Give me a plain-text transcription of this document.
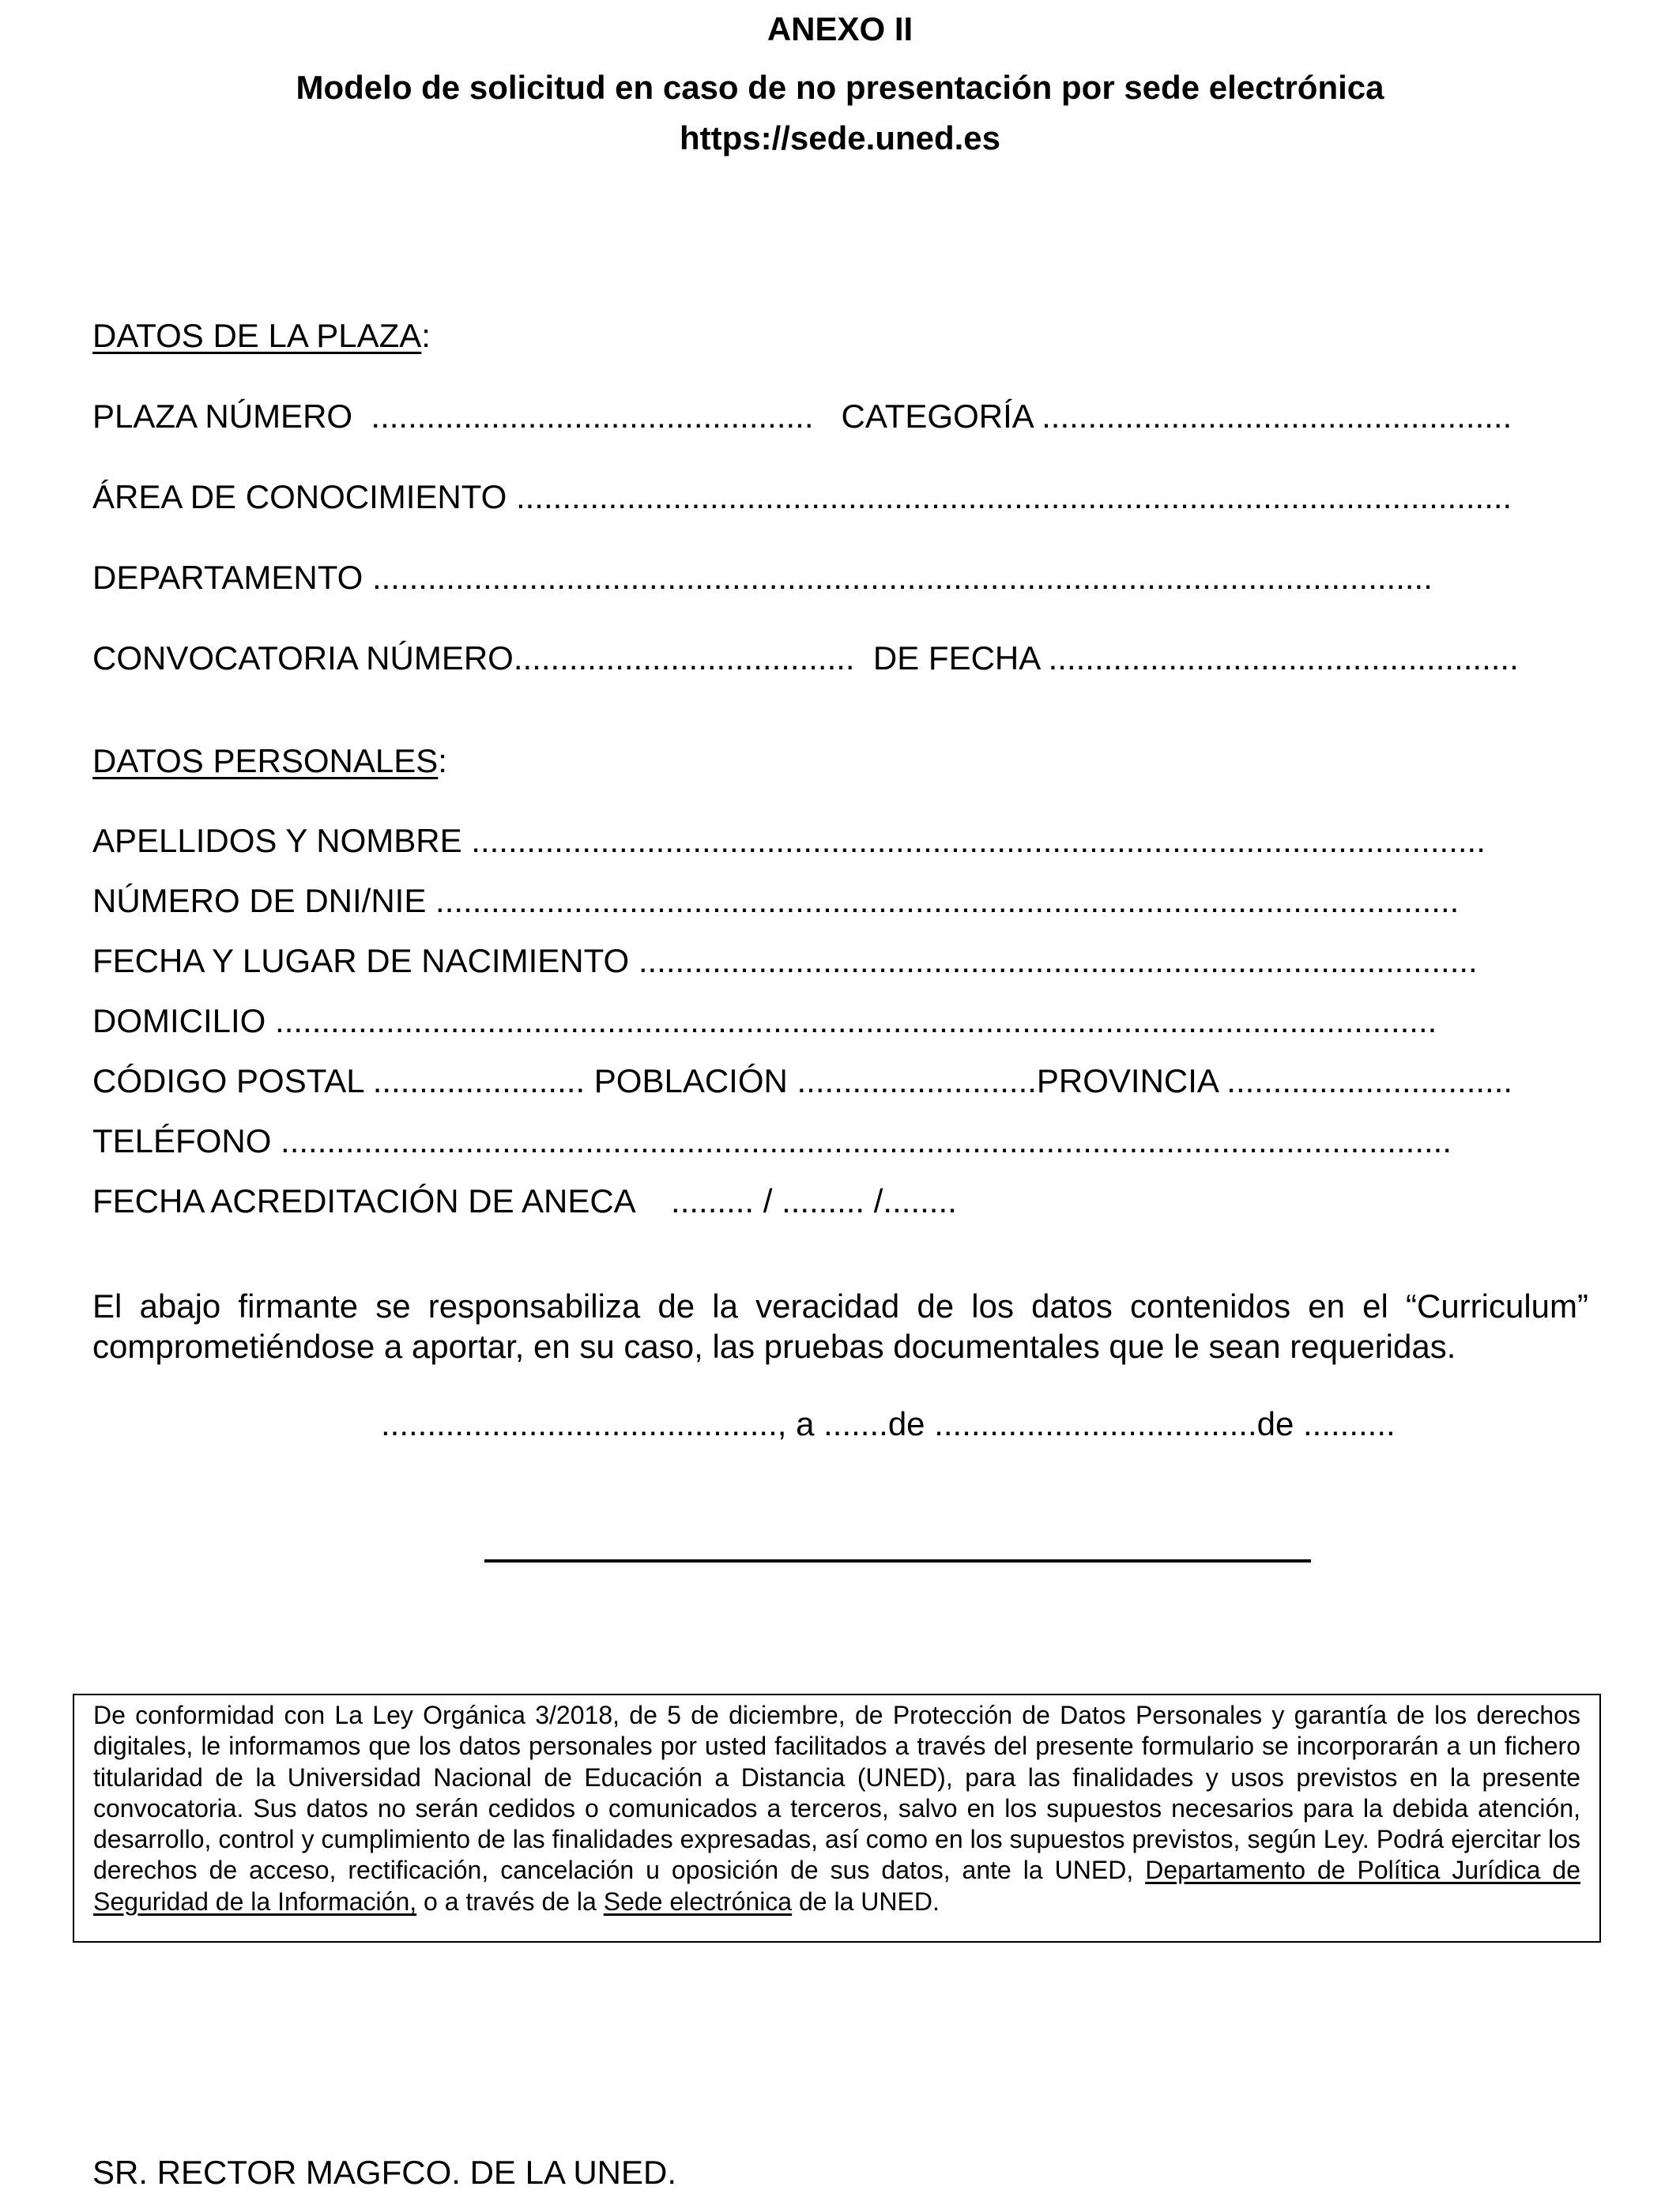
ANEXO II
Modelo de solicitud en caso de no presentación por sede electrónica
https://sede.uned.es
DATOS DE LA PLAZA:
PLAZA NÚMERO  ................................................   CATEGORÍA ...................................................
ÁREA DE CONOCIMIENTO ............................................................................................................
DEPARTAMENTO ...................................................................................................................
CONVOCATORIA NÚMERO.....................................  DE FECHA ...................................................
DATOS PERSONALES:
APELLIDOS Y NOMBRE ..............................................................................................................
NÚMERO DE DNI/NIE ...............................................................................................................
FECHA Y LUGAR DE NACIMIENTO ...........................................................................................
DOMICILIO ..............................................................................................................................
CÓDIGO POSTAL ....................... POBLACIÓN ..........................PROVINCIA ...............................
TELÉFONO ...............................................................................................................................
FECHA ACREDITACIÓN DE ANECA    ......... / ......... /........
El abajo firmante se responsabiliza de la veracidad de los datos contenidos en el “Curriculum” comprometiéndose a aportar, en su caso, las pruebas documentales que le sean requeridas.
..........................................., a .......de ...................................de ..........

De conformidad con La Ley Orgánica 3/2018, de 5 de diciembre, de Protección de Datos Personales y garantía de los derechos digitales, le informamos que los datos personales por usted facilitados a través del presente formulario se incorporarán a un fichero titularidad de la Universidad Nacional de Educación a Distancia (UNED), para las finalidades y usos previstos en la presente convocatoria. Sus datos no serán cedidos o comunicados a terceros, salvo en los supuestos necesarios para la debida atención, desarrollo, control y cumplimiento de las finalidades expresadas, así como en los supuestos previstos, según Ley. Podrá ejercitar los derechos de acceso, rectificación, cancelación u oposición de sus datos, ante la UNED, Departamento de Política Jurídica de Seguridad de la Información, o a través de la Sede electrónica de la UNED.

SR. RECTOR MAGFCO. DE LA UNED.
